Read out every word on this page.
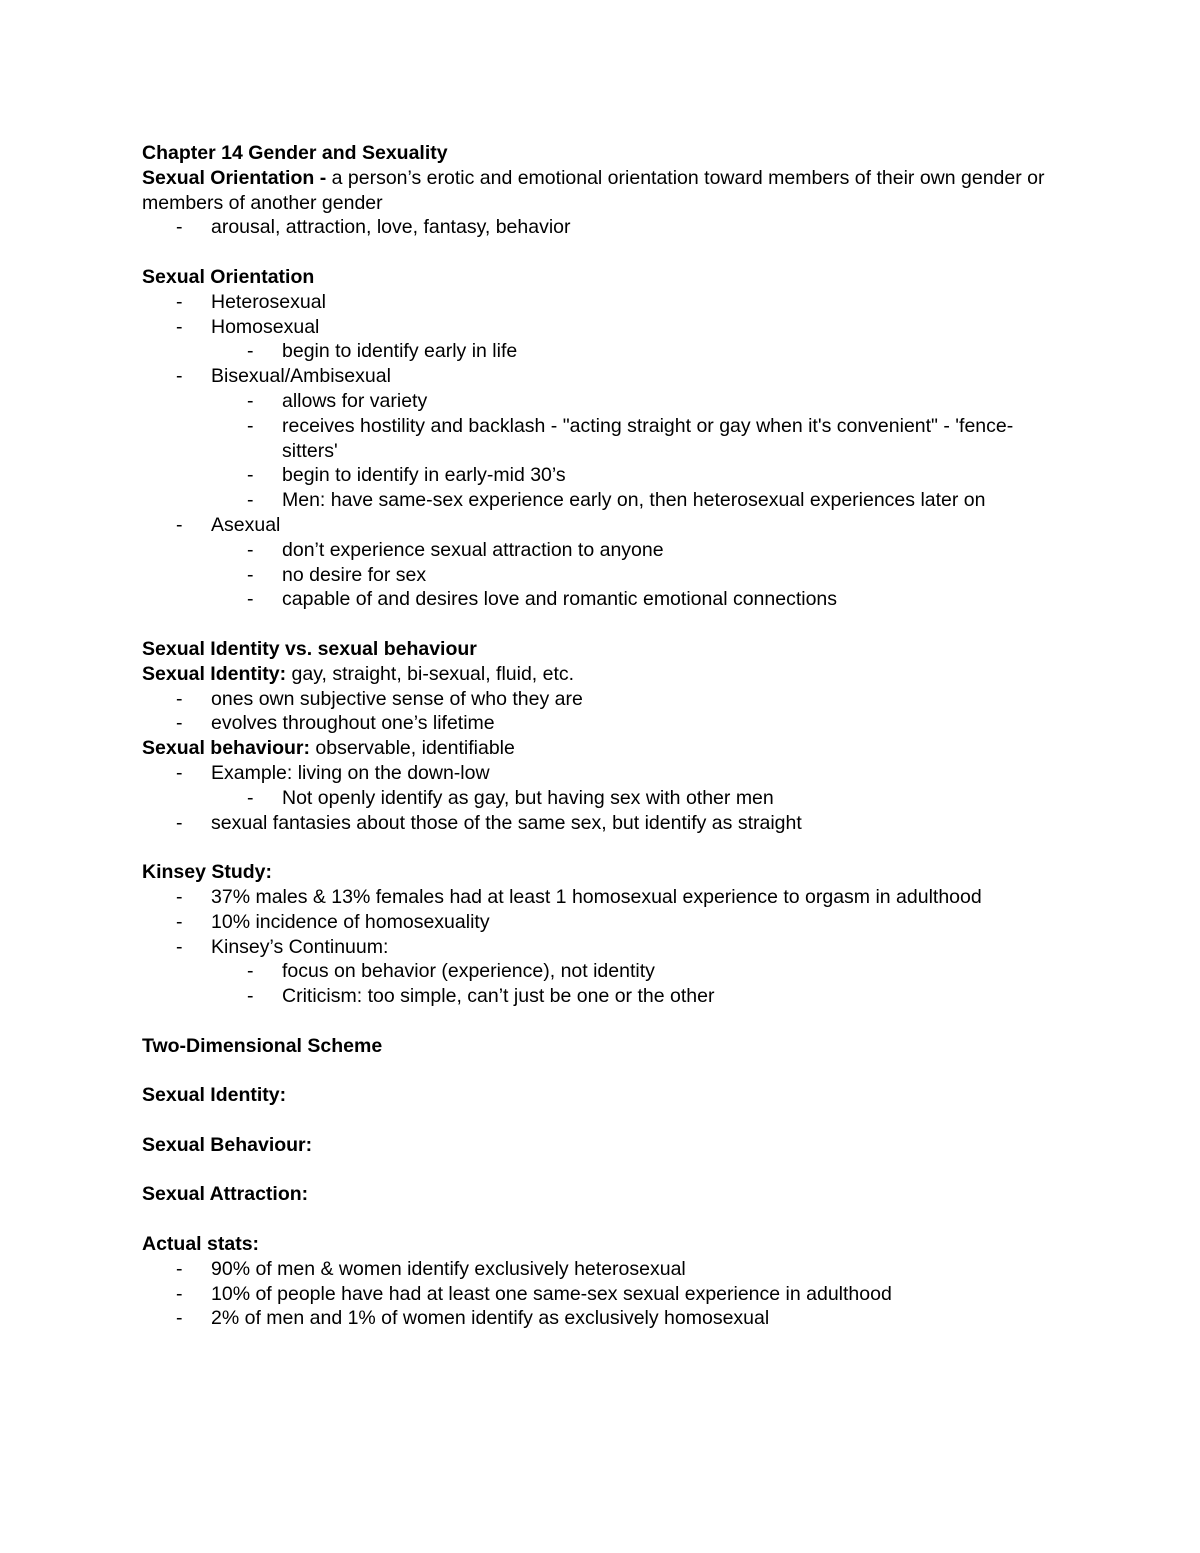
Chapter 14 Gender and Sexuality

Sexual Orientation - a person’s erotic and emotional orientation toward members of their own gender or members of another gender

- arousal, attraction, love, fantasy, behavior

Sexual Orientation

- Heterosexual
- Homosexual
- begin to identify early in life
- Bisexual/Ambisexual
- allows for variety
- receives hostility and backlash - "acting straight or gay when it's convenient" - 'fence-sitters'
- begin to identify in early-mid 30’s
- Men: have same-sex experience early on, then heterosexual experiences later on
- Asexual
- don’t experience sexual attraction to anyone
- no desire for sex
- capable of and desires love and romantic emotional connections

Sexual Identity vs. sexual behaviour

Sexual Identity: gay, straight, bi-sexual, fluid, etc.

- ones own subjective sense of who they are
- evolves throughout one’s lifetime

Sexual behaviour: observable, identifiable

- Example: living on the down-low
- Not openly identify as gay, but having sex with other men
- sexual fantasies about those of the same sex, but identify as straight

Kinsey Study:

- 37% males & 13% females had at least 1 homosexual experience to orgasm in adulthood
- 10% incidence of homosexuality
- Kinsey’s Continuum:
- focus on behavior (experience), not identity
- Criticism: too simple, can’t just be one or the other

Two-Dimensional Scheme

Sexual Identity:

Sexual Behaviour:

Sexual Attraction:

Actual stats:

- 90% of men & women identify exclusively heterosexual
- 10% of people have had at least one same-sex sexual experience in adulthood
- 2% of men and 1% of women identify as exclusively homosexual
